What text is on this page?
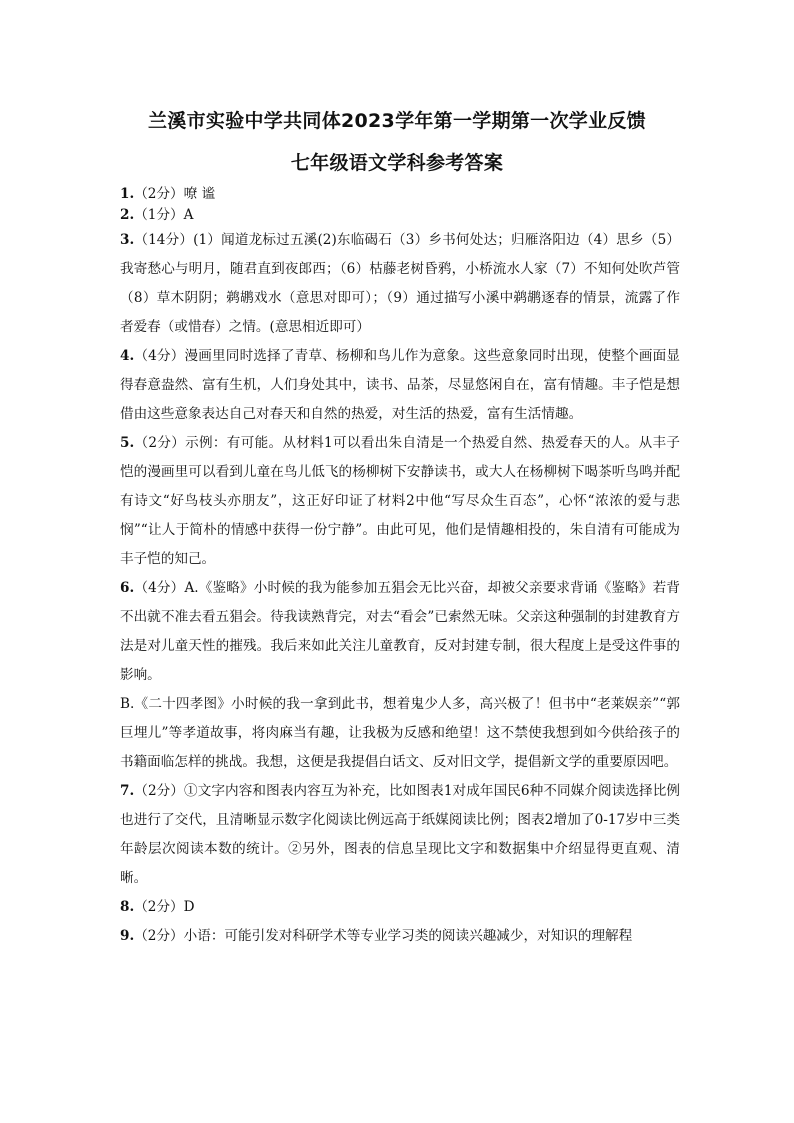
兰溪市实验中学共同体2023学年第一学期第一次学业反馈
七年级语文学科参考答案

1.（2分）嘹 谧

2.（1分）A

3.（14分）(1）闻道龙标过五溪(2)东临碣石（3）乡书何处达；归雁洛阳边（4）思乡（5）我寄愁心与明月，随君直到夜郎西；（6）枯藤老树昏鸦，小桥流水人家（7）不知何处吹芦管（8）草木阴阴；鹈鹕戏水（意思对即可）；（9）通过描写小溪中鹈鹕逐春的情景，流露了作者爱春（或惜春）之情。(意思相近即可）

4.（4分）漫画里同时选择了青草、杨柳和鸟儿作为意象。这些意象同时出现，使整个画面显得春意盎然、富有生机，人们身处其中，读书、品茶，尽显悠闲自在，富有情趣。丰子恺是想借由这些意象表达自己对春天和自然的热爱，对生活的热爱，富有生活情趣。

5.（2分）示例：有可能。从材料1可以看出朱自清是一个热爱自然、热爱春天的人。从丰子恺的漫画里可以看到儿童在鸟儿低飞的杨柳树下安静读书，或大人在杨柳树下喝茶听鸟鸣并配有诗文“好鸟枝头亦朋友”，这正好印证了材料2中他“写尽众生百态”，心怀“浓浓的爱与悲悯”“让人于简朴的情感中获得一份宁静”。由此可见，他们是情趣相投的，朱自清有可能成为丰子恺的知己。

6.（4分）A.《鉴略》小时候的我为能参加五猖会无比兴奋，却被父亲要求背诵《鉴略》若背不出就不准去看五猖会。待我读熟背完，对去“看会”已索然无味。父亲这种强制的封建教育方法是对儿童天性的摧残。我后来如此关注儿童教育，反对封建专制，很大程度上是受这件事的影响。

B.《二十四孝图》小时候的我一拿到此书，想着鬼少人多，高兴极了！但书中“老莱娱亲”“郭巨埋儿”等孝道故事，将肉麻当有趣，让我极为反感和绝望！这不禁使我想到如今供给孩子的书籍面临怎样的挑战。我想，这便是我提倡白话文、反对旧文学，提倡新文学的重要原因吧。

7.（2分）①文字内容和图表内容互为补充，比如图表1对成年国民6种不同媒介阅读选择比例也进行了交代，且清晰显示数字化阅读比例远高于纸媒阅读比例；图表2增加了0-17岁中三类年龄层次阅读本数的统计。②另外，图表的信息呈现比文字和数据集中介绍显得更直观、清晰。

8.（2分）D

9.（2分）小语：可能引发对科研学术等专业学习类的阅读兴趣减少，对知识的理解程
